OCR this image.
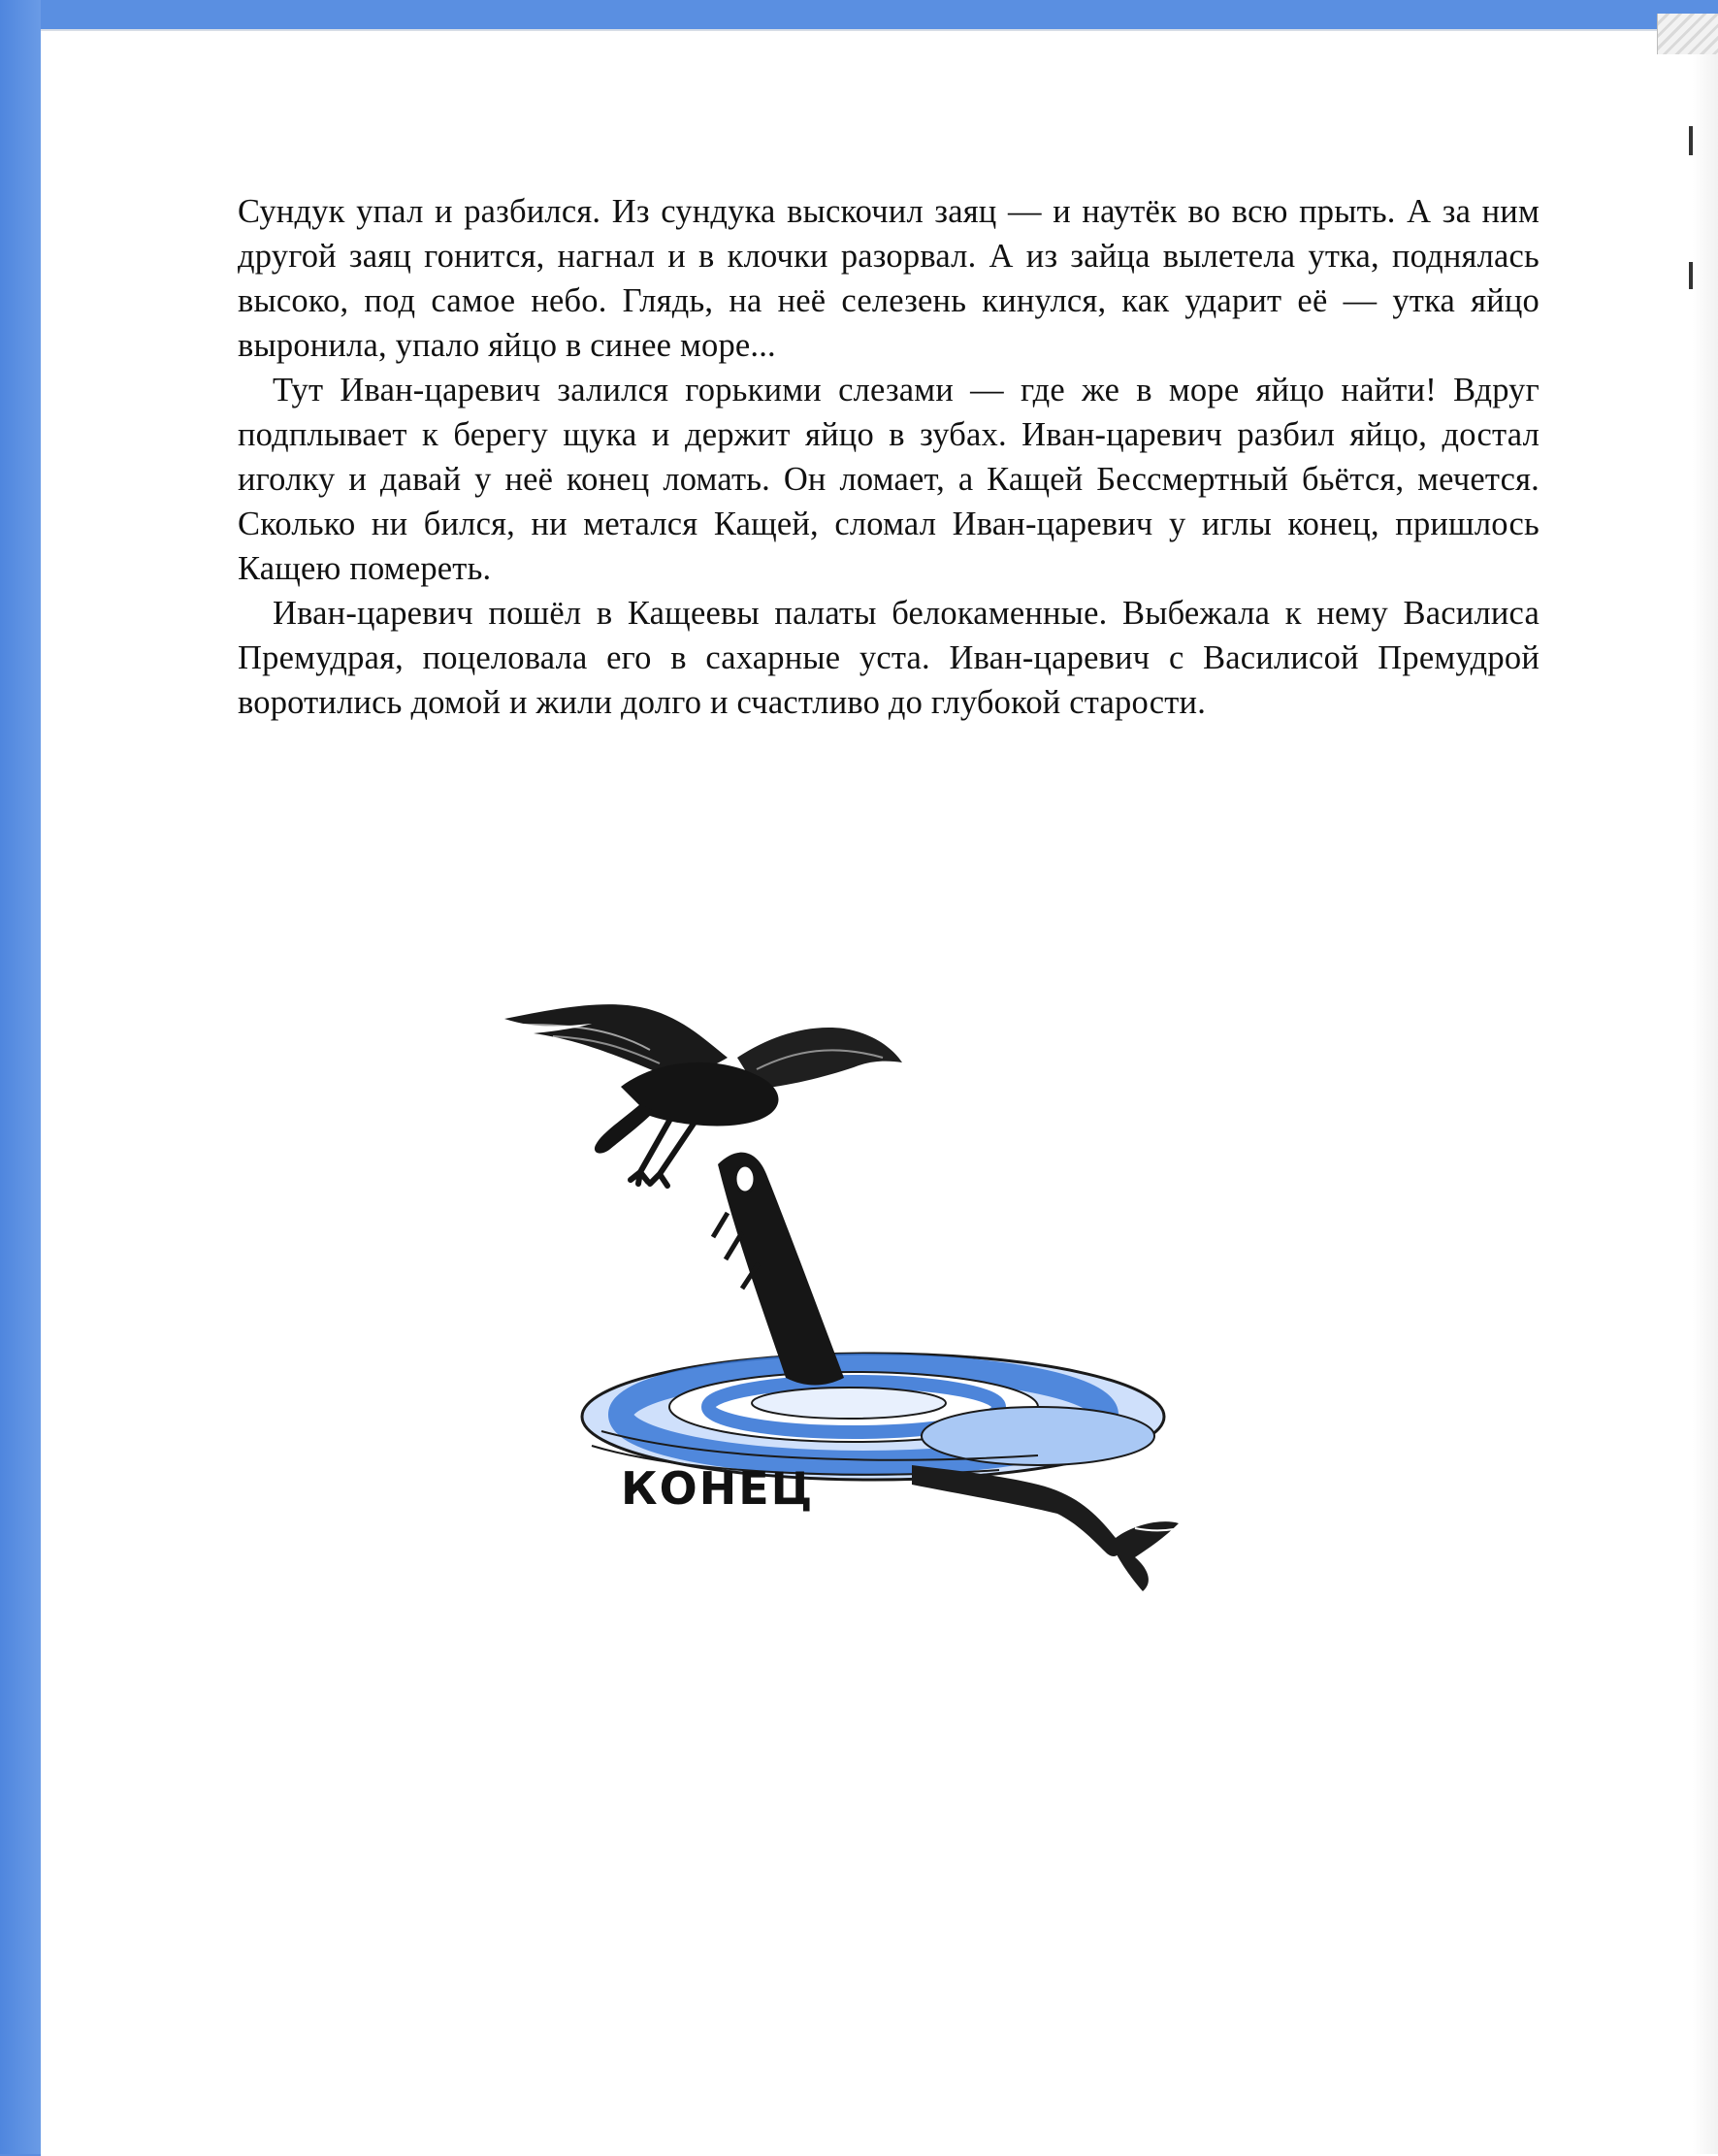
Сундук упал и разбился. Из сундука выскочил заяц — и наутёк во всю прыть. А за ним другой заяц гонится, нагнал и в клочки разорвал. А из зайца вылетела утка, поднялась высоко, под самое небо. Глядь, на неё селезень кинулся, как ударит её — утка яйцо выронила, упало яйцо в синее море...

Тут Иван-царевич залился горькими слезами — где же в море яйцо найти! Вдруг подплывает к берегу щука и держит яйцо в зубах. Иван-царевич разбил яйцо, достал иголку и давай у неё конец ломать. Он ломает, а Кащей Бессмертный бьётся, мечется. Сколько ни бился, ни метался Кащей, сломал Иван-царевич у иглы конец, пришлось Кащею помереть.

Иван-царевич пошёл в Кащеевы палаты белокаменные. Выбежала к нему Василиса Премудрая, поцеловала его в сахарные уста. Иван-царевич с Василисой Премудрой воротились домой и жили долго и счастливо до глубокой старости.

КОНЕЦ
